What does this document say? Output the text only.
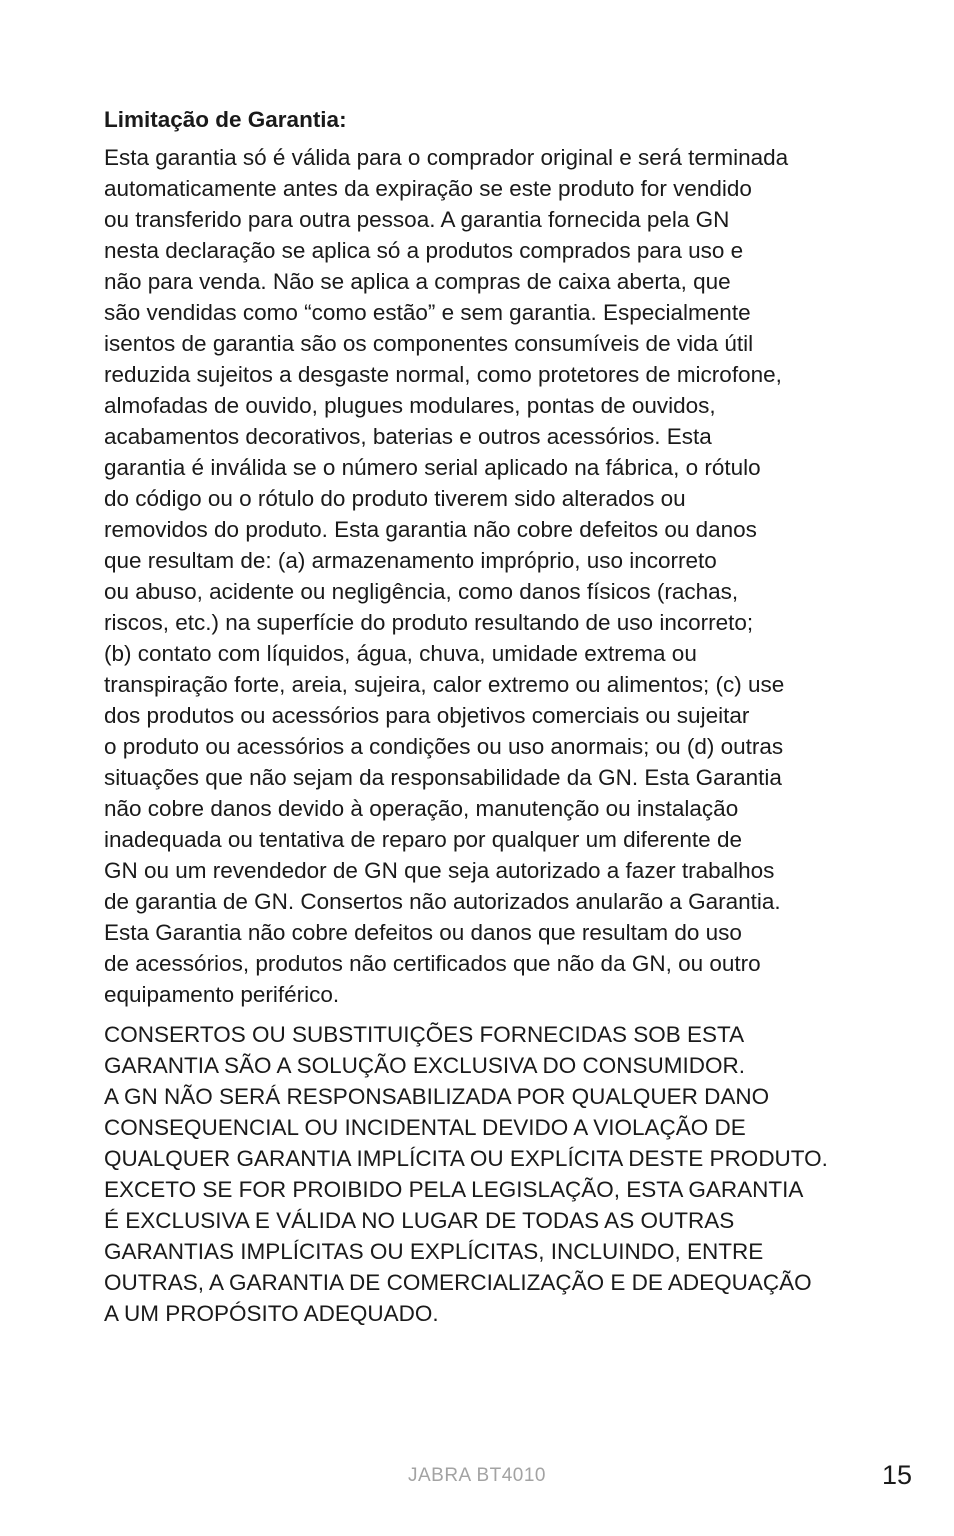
Limitação de Garantia:

Esta garantia só é válida para o comprador original e será terminada
automaticamente antes da expiração se este produto for vendido
ou transferido para outra pessoa. A garantia fornecida pela GN
nesta declaração se aplica só a produtos comprados para uso e
não para venda. Não se aplica a compras de caixa aberta, que
são vendidas como “como estão” e sem garantia. Especialmente
isentos de garantia são os componentes consumíveis de vida útil
reduzida sujeitos a desgaste normal, como protetores de microfone,
almofadas de ouvido, plugues modulares, pontas de ouvidos,
acabamentos decorativos, baterias e outros acessórios. Esta
garantia é inválida se o número serial aplicado na fábrica, o rótulo
do código ou o rótulo do produto tiverem sido alterados ou
removidos do produto. Esta garantia não cobre defeitos ou danos
que resultam de: (a) armazenamento impróprio, uso incorreto
ou abuso, acidente ou negligência, como danos físicos (rachas,
riscos, etc.) na superfície do produto resultando de uso incorreto;
(b) contato com líquidos, água, chuva, umidade extrema ou
transpiração forte, areia, sujeira, calor extremo ou alimentos; (c) use
dos produtos ou acessórios para objetivos comerciais ou sujeitar
o produto ou acessórios a condições ou uso anormais; ou (d) outras
situações que não sejam da responsabilidade da GN. Esta Garantia
não cobre danos devido à operação, manutenção ou instalação
inadequada ou tentativa de reparo por qualquer um diferente de
GN ou um revendedor de GN que seja autorizado a fazer trabalhos
de garantia de GN. Consertos não autorizados anularão a Garantia.
Esta Garantia não cobre defeitos ou danos que resultam do uso
de acessórios, produtos não certificados que não da GN, ou outro
equipamento periférico.

CONSERTOS OU SUBSTITUIÇÕES FORNECIDAS SOB ESTA
GARANTIA SÃO A SOLUÇÃO EXCLUSIVA DO CONSUMIDOR.
A GN NÃO SERÁ RESPONSABILIZADA POR QUALQUER DANO
CONSEQUENCIAL OU INCIDENTAL DEVIDO A VIOLAÇÃO DE
QUALQUER GARANTIA IMPLÍCITA OU EXPLÍCITA DESTE PRODUTO.
EXCETO SE FOR PROIBIDO PELA LEGISLAÇÃO, ESTA GARANTIA
É EXCLUSIVA E VÁLIDA NO LUGAR DE TODAS AS OUTRAS
GARANTIAS IMPLÍCITAS OU EXPLÍCITAS, INCLUINDO, ENTRE
OUTRAS, A GARANTIA DE COMERCIALIZAÇÃO E DE ADEQUAÇÃO
A UM PROPÓSITO ADEQUADO.

JABRA BT4010	15
